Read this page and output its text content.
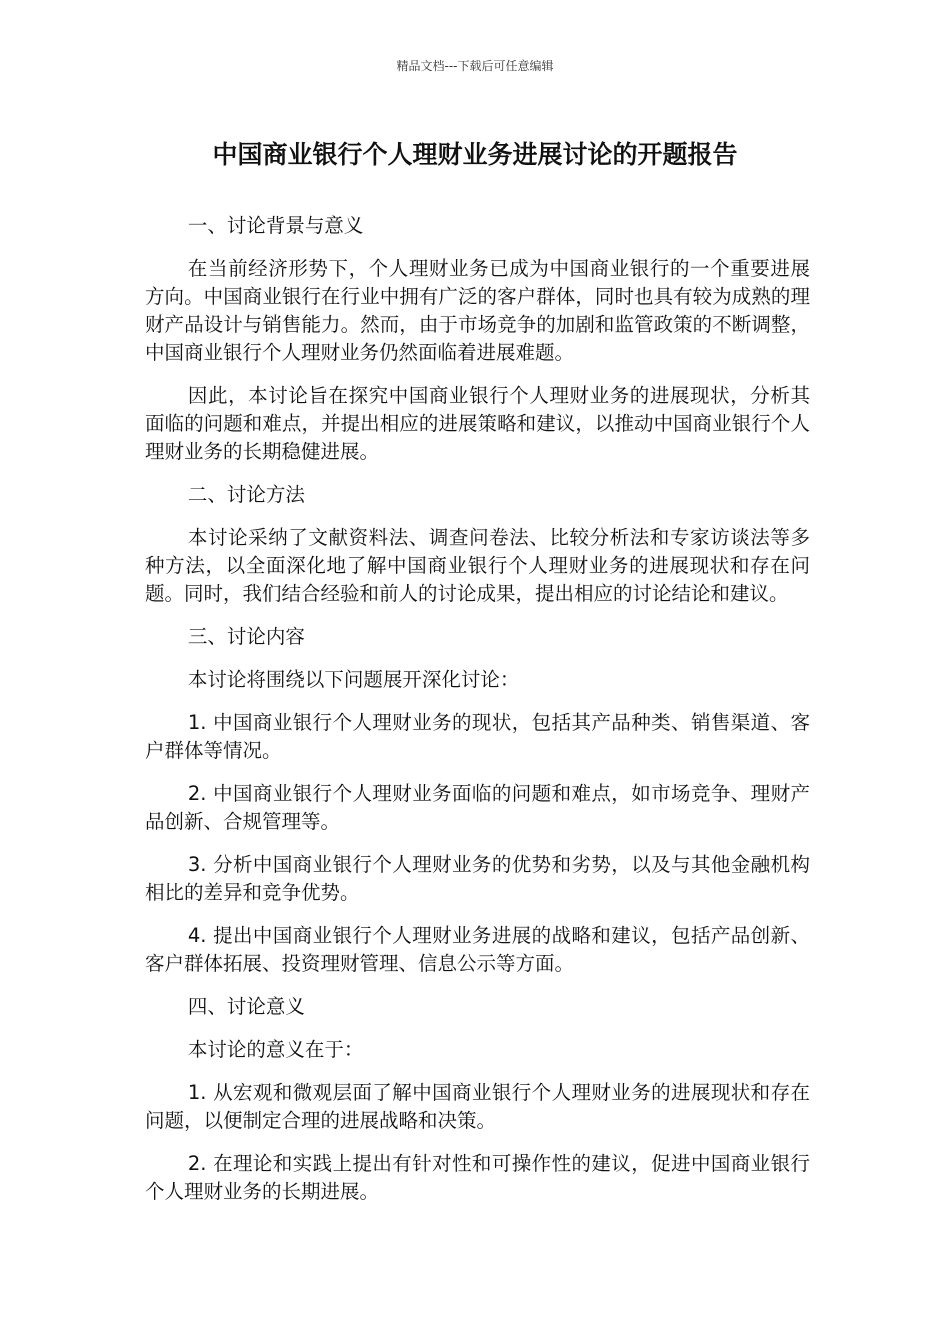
精品文档---下载后可任意编辑
中国商业银行个人理财业务进展讨论的开题报告

一、讨论背景与意义

在当前经济形势下，个人理财业务已成为中国商业银行的一个重要进展方向。中国商业银行在行业中拥有广泛的客户群体，同时也具有较为成熟的理财产品设计与销售能力。然而，由于市场竞争的加剧和监管政策的不断调整，中国商业银行个人理财业务仍然面临着进展难题。

因此，本讨论旨在探究中国商业银行个人理财业务的进展现状，分析其面临的问题和难点，并提出相应的进展策略和建议，以推动中国商业银行个人理财业务的长期稳健进展。

二、讨论方法

本讨论采纳了文献资料法、调查问卷法、比较分析法和专家访谈法等多种方法，以全面深化地了解中国商业银行个人理财业务的进展现状和存在问题。同时，我们结合经验和前人的讨论成果，提出相应的讨论结论和建议。

三、讨论内容

本讨论将围绕以下问题展开深化讨论：

1. 中国商业银行个人理财业务的现状，包括其产品种类、销售渠道、客户群体等情况。

2. 中国商业银行个人理财业务面临的问题和难点，如市场竞争、理财产品创新、合规管理等。

3. 分析中国商业银行个人理财业务的优势和劣势，以及与其他金融机构相比的差异和竞争优势。

4. 提出中国商业银行个人理财业务进展的战略和建议，包括产品创新、客户群体拓展、投资理财管理、信息公示等方面。

四、讨论意义

本讨论的意义在于：

1. 从宏观和微观层面了解中国商业银行个人理财业务的进展现状和存在问题，以便制定合理的进展战略和决策。

2. 在理论和实践上提出有针对性和可操作性的建议，促进中国商业银行个人理财业务的长期进展。
